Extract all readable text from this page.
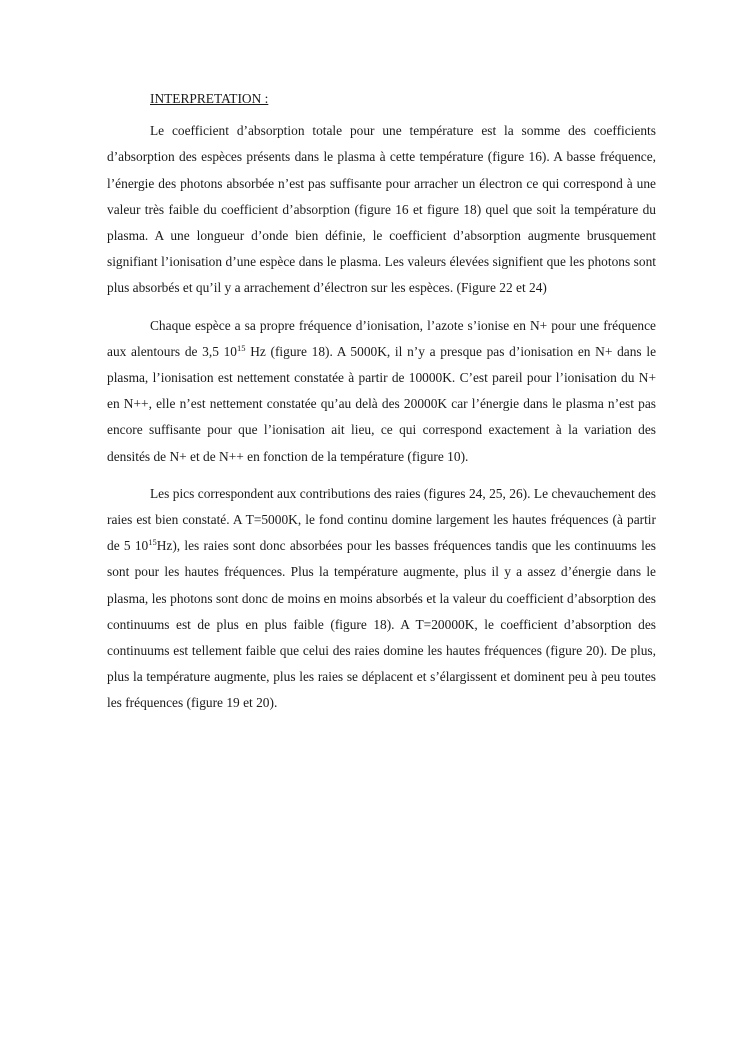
INTERPRETATION :

Le coefficient d’absorption totale pour une température est la somme des coefficients d’absorption des espèces présents dans le plasma à cette température (figure 16). A basse fréquence, l’énergie des photons absorbée n’est pas suffisante pour arracher un électron ce qui correspond à une valeur très faible du coefficient d’absorption (figure 16 et figure 18) quel que soit la température du plasma. A une longueur d’onde bien définie, le coefficient d’absorption augmente brusquement signifiant l’ionisation d’une espèce dans le plasma. Les valeurs élevées signifient que les photons sont plus absorbés et qu’il y a arrachement d’électron sur les espèces. (Figure 22 et 24)

Chaque espèce a sa propre fréquence d’ionisation, l’azote s’ionise en N+ pour une fréquence aux alentours de 3,5 $10^{15}$ Hz (figure 18). A 5000K, il n’y a presque pas d’ionisation en N+ dans le plasma, l’ionisation est nettement constatée à partir de 10000K. C’est pareil pour l’ionisation du N+ en N++, elle n’est nettement constatée qu’au delà des 20000K car l’énergie dans le plasma n’est pas encore suffisante pour que l’ionisation ait lieu, ce qui correspond exactement à la variation des densités de N+ et de N++ en fonction de la température (figure 10).

Les pics correspondent aux contributions des raies (figures 24, 25, 26). Le chevauchement des raies est bien constaté. A T=5000K, le fond continu domine largement les hautes fréquences (à partir de 5 $10^{15}Hz$), les raies sont donc absorbées pour les basses fréquences tandis que les continuums les sont pour les hautes fréquences. Plus la température augmente, plus il y a assez d’énergie dans le plasma, les photons sont donc de moins en moins absorbés et la valeur du coefficient d’absorption des continuums est de plus en plus faible (figure 18). A T=20000K, le coefficient d’absorption des continuums est tellement faible que celui des raies domine les hautes fréquences (figure 20). De plus, plus la température augmente, plus les raies se déplacent et s’élargissent et dominent peu à peu toutes les fréquences (figure 19 et 20).
